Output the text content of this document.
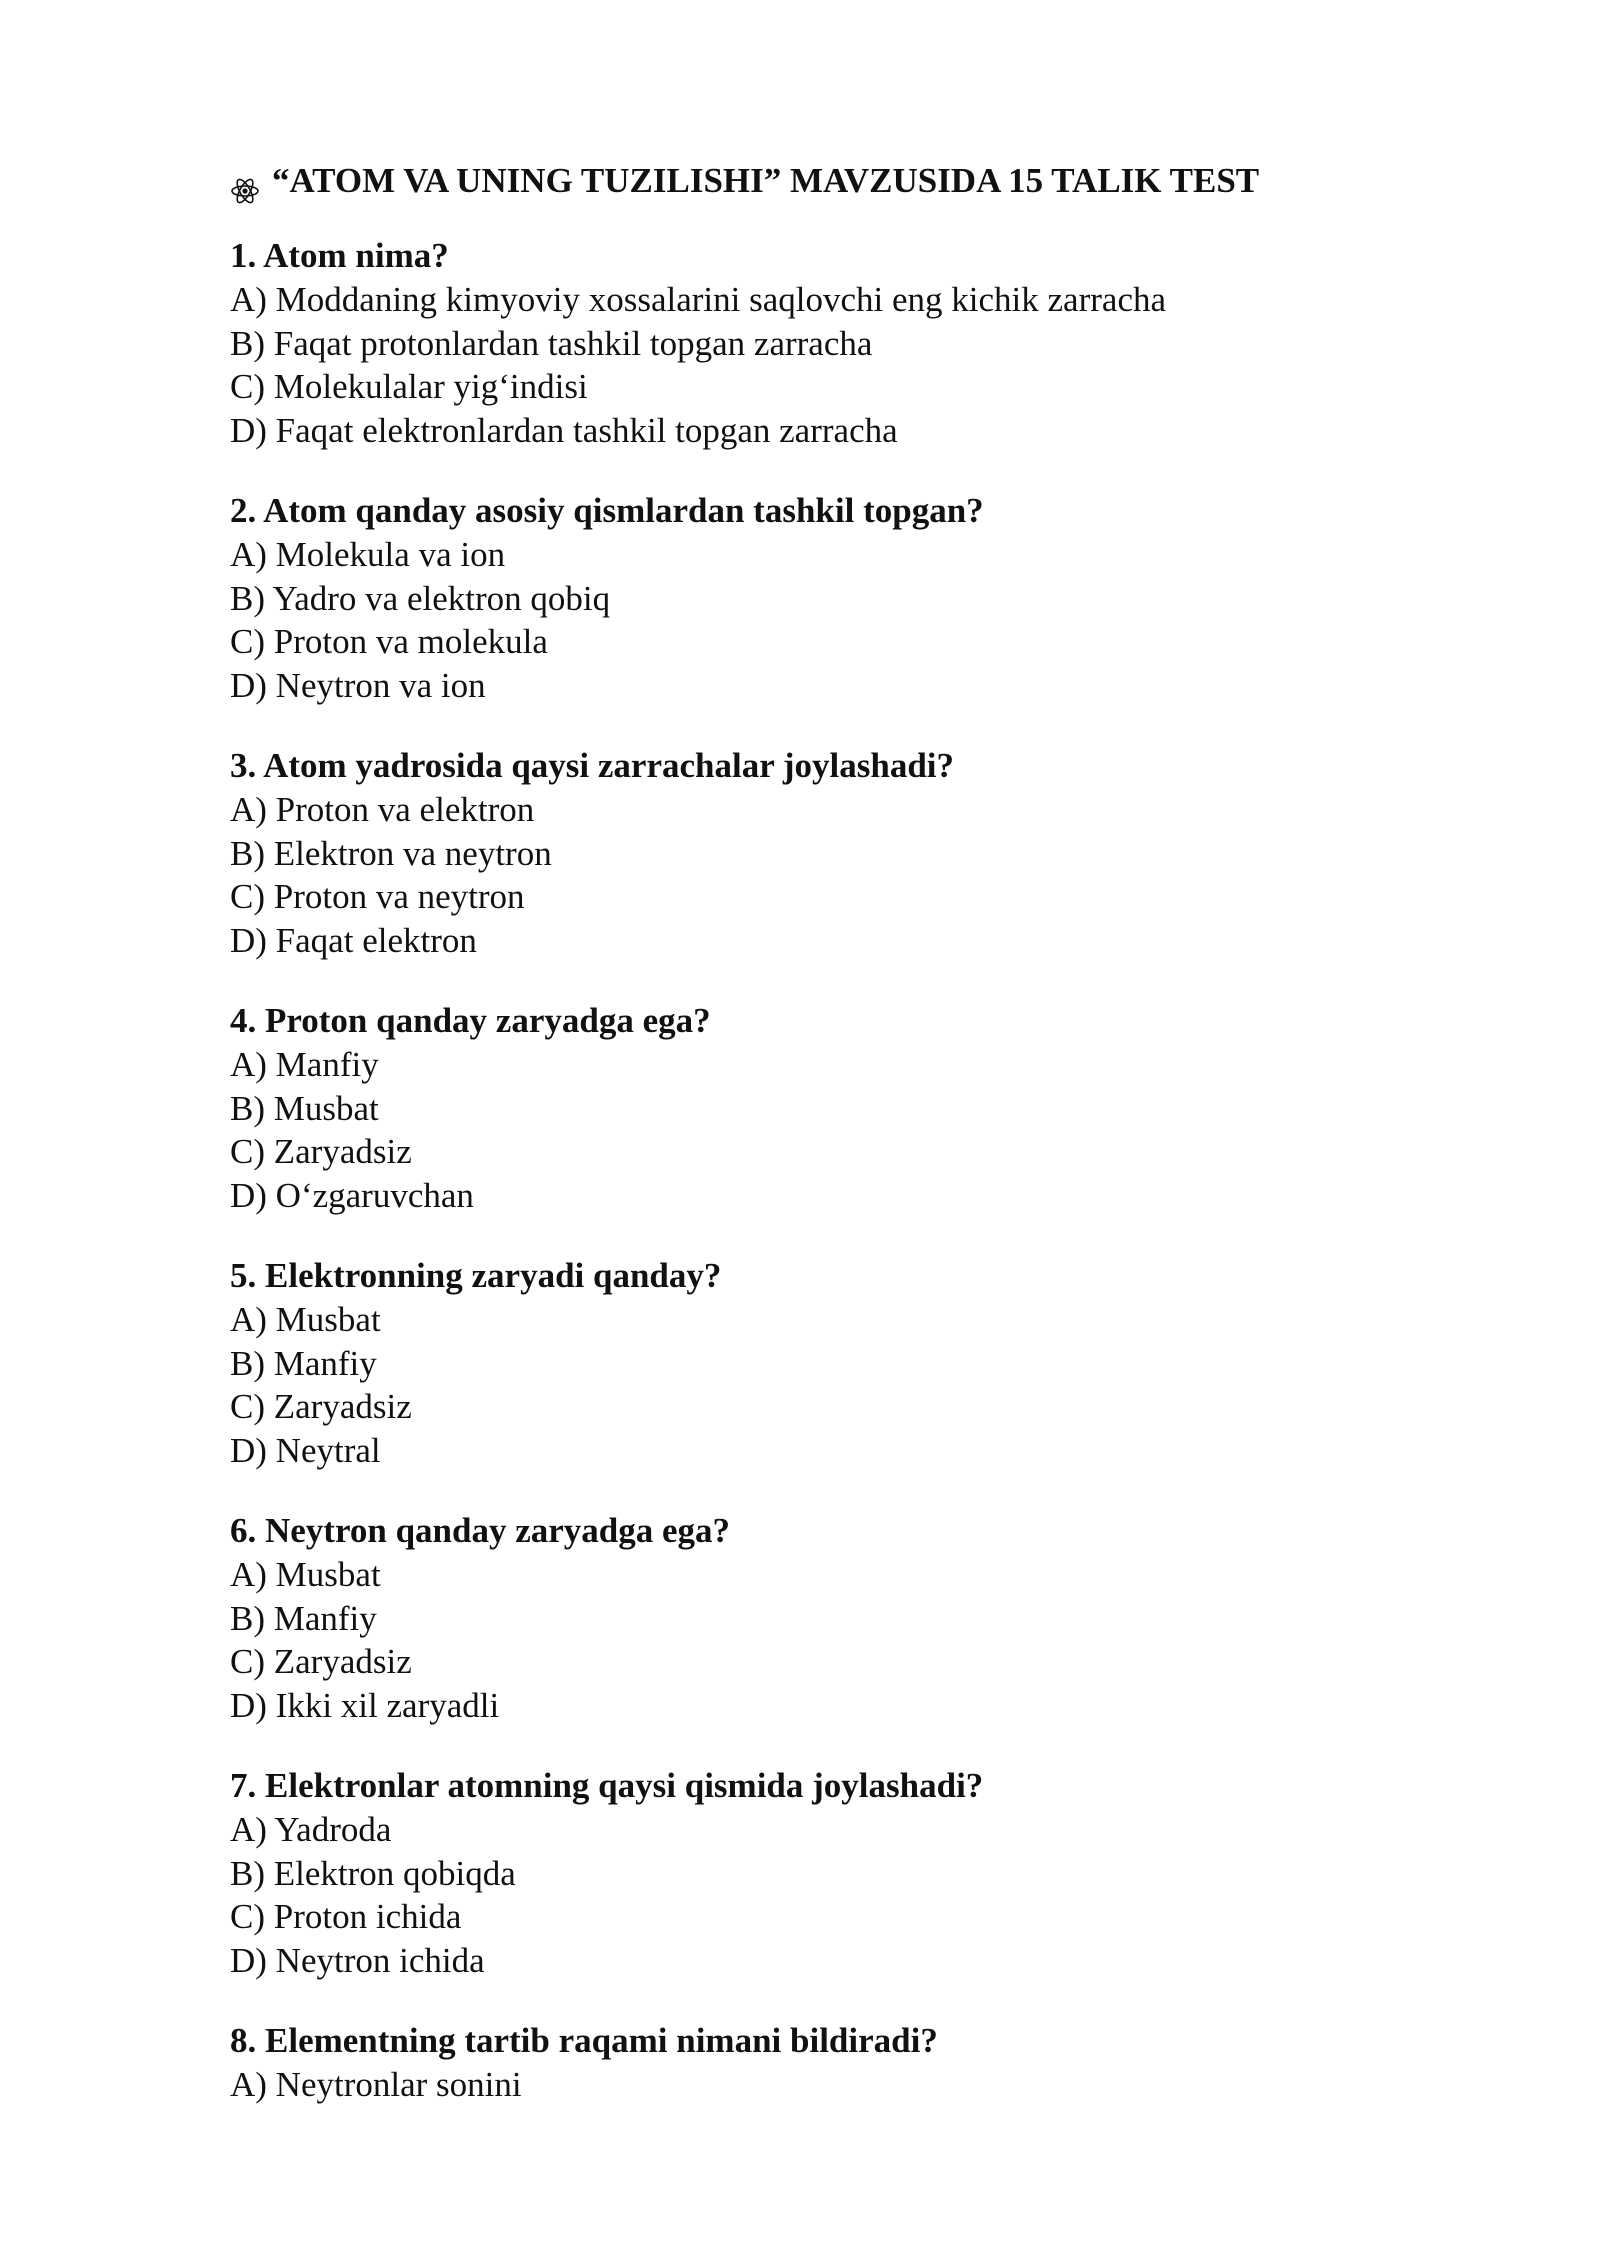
“ATOM VA UNING TUZILISHI” MAVZUSIDA 15 TALIK TEST
1. Atom nima?
A) Moddaning kimyoviy xossalarini saqlovchi eng kichik zarracha
B) Faqat protonlardan tashkil topgan zarracha
C) Molekulalar yig‘indisi
D) Faqat elektronlardan tashkil topgan zarracha
2. Atom qanday asosiy qismlardan tashkil topgan?
A) Molekula va ion
B) Yadro va elektron qobiq
C) Proton va molekula
D) Neytron va ion
3. Atom yadrosida qaysi zarrachalar joylashadi?
A) Proton va elektron
B) Elektron va neytron
C) Proton va neytron
D) Faqat elektron
4. Proton qanday zaryadga ega?
A) Manfiy
B) Musbat
C) Zaryadsiz
D) O‘zgaruvchan
5. Elektronning zaryadi qanday?
A) Musbat
B) Manfiy
C) Zaryadsiz
D) Neytral
6. Neytron qanday zaryadga ega?
A) Musbat
B) Manfiy
C) Zaryadsiz
D) Ikki xil zaryadli
7. Elektronlar atomning qaysi qismida joylashadi?
A) Yadroda
B) Elektron qobiqda
C) Proton ichida
D) Neytron ichida
8. Elementning tartib raqami nimani bildiradi?
A) Neytronlar sonini
